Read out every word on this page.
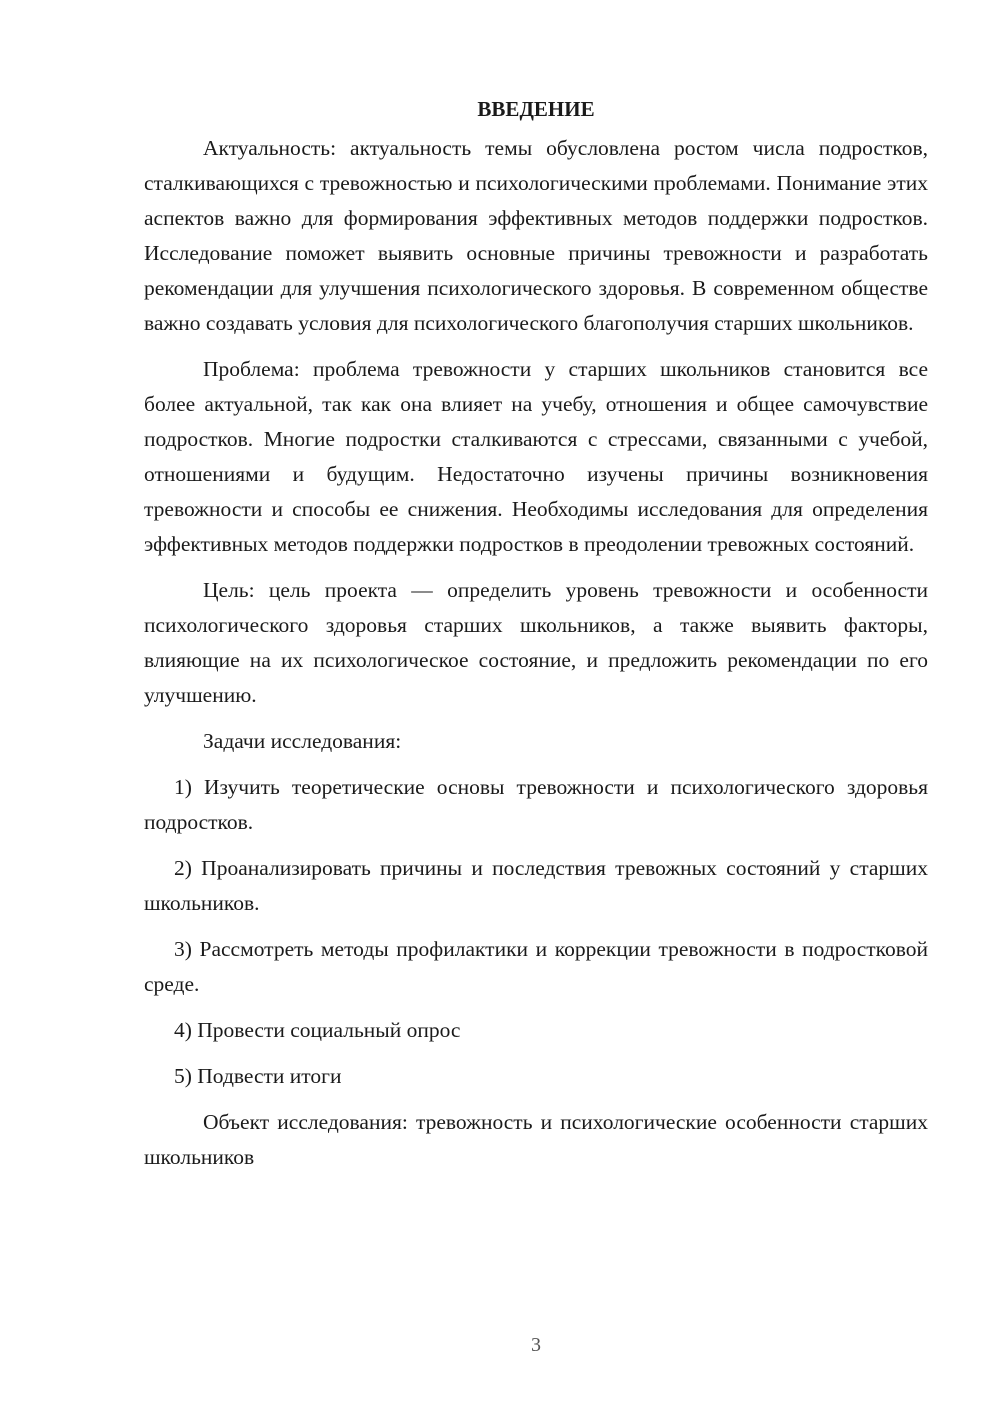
ВВЕДЕНИЕ

Актуальность: актуальность темы обусловлена ростом числа подростков, сталкивающихся с тревожностью и психологическими проблемами. Понимание этих аспектов важно для формирования эффективных методов поддержки подростков. Исследование поможет выявить основные причины тревожности и разработать рекомендации для улучшения психологического здоровья. В современном обществе важно создавать условия для психологического благополучия старших школьников.

Проблема: проблема тревожности у старших школьников становится все более актуальной, так как она влияет на учебу, отношения и общее самочувствие подростков. Многие подростки сталкиваются с стрессами, связанными с учебой, отношениями и будущим. Недостаточно изучены причины возникновения тревожности и способы ее снижения. Необходимы исследования для определения эффективных методов поддержки подростков в преодолении тревожных состояний.

Цель: цель проекта — определить уровень тревожности и особенности психологического здоровья старших школьников, а также выявить факторы, влияющие на их психологическое состояние, и предложить рекомендации по его улучшению.

Задачи исследования:

1) Изучить теоретические основы тревожности и психологического здоровья подростков.

2) Проанализировать причины и последствия тревожных состояний у старших школьников.

3) Рассмотреть методы профилактики и коррекции тревожности в подростковой среде.

4) Провести социальный опрос

5) Подвести итоги

Объект исследования: тревожность и психологические особенности старших школьников

3
